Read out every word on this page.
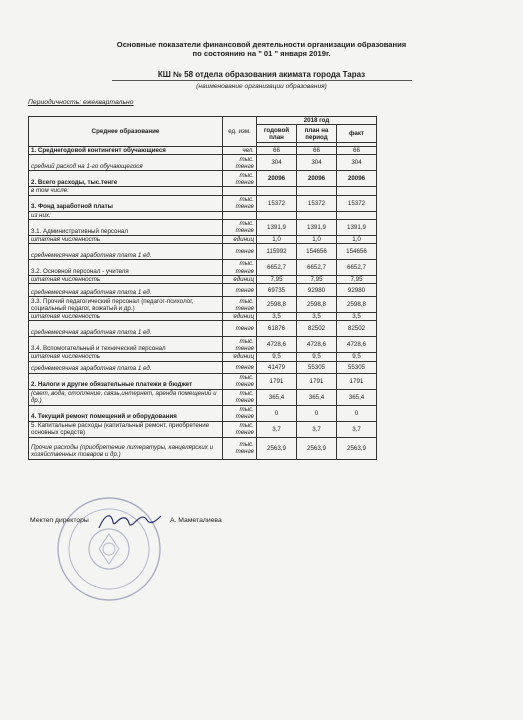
Основные показатели финансовой деятельности организации образования
по состоянию на " 01 " января 2019г.
КШ № 58 отдела образования акимата города Тараз
(наименование организации образования)
Периодичность: ежеквартально
Среднее образование	ед. изм.	2018 год			
		годовой план	план на период	факт	

1. Среднегодовой контингент обучающиеся	чел.	66	66	66	
средний расход на 1-го обучающегося	тыс. тенге	304	304	304	
2. Всего расходы, тыс.тенге	тыс. тенге	20096	20096	20096	
в том числе:					
3. Фонд заработной платы	тыс. тенге	15372	15372	15372	
из них:					
3.1. Административный персонал	тыс. тенге	1391,9	1391,9	1391,9	
штатная численность	единиц	1,0	1,0	1,0	
среднемесячная заработная плата 1 ед.	тенге	115992	154656	154656	
3.2. Основной персонал - учителя	тыс. тенге	6652,7	6652,7	6652,7	
штатная численность	единиц	7,95	7,95	7,95	
среднемесячная заработная плата 1 ед.	тенге	69735	92980	92980	
3.3. Прочий педагогический персонал (педагог-психолог, социальный педагог, вожатый и др.)	тыс. тенге	2598,8	2598,8	2598,8	
штатная численность	единиц	3,5	3,5	3,5	
среднемесячная заработная плата 1 ед.	тенге	61876	82502	82502	
3.4. Вспомогательный и технический персонал	тыс. тенге	4728,6	4728,6	4728,6	
штатная численность	единиц	9,5	9,5	9,5	
среднемесячная заработная плата 1 ед.	тенге	41479	55305	55305	
2. Налоги и другие обязательные платежи в бюджет	тыс. тенге	1791	1791	1791	
(свет, вода, отопление, связь,интернет, аренда помещений и др.)	тыс. тенге	365,4	365,4	365,4	
4. Текущий ремонт помещений и оборудования	тыс. тенге	0	0	0	
5. Капитальные расходы (капитальный ремонт, приобретение основных средств)	тыс. тенге	3,7	3,7	3,7	
Прочие расходы (приобретение литературы, канцелярских и хозяйственных товаров и др.)	тыс. тенге	2563,9	2563,9	2563,9	
Мектеп директоры	А. Маметалиева
